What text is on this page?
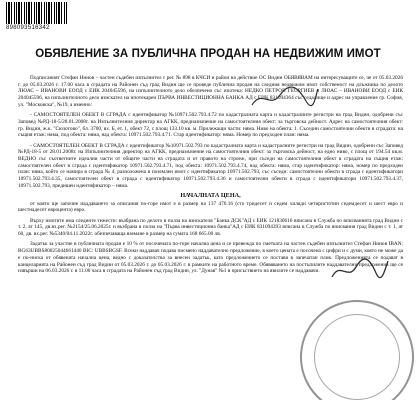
898093516342
ОБЯВЛЕНИЕ ЗА ПУБЛИЧНА ПРОДАН НА НЕДВИЖИМ ИМОТ

Подписаният Стефан Нинов – частен съдебен изпълнител с рег. № 898 в КЧСИ и район на действие ОС Видин ОБЯВЯВАМ на интересуващите се, че от 05.03.2026 г. до 05.03.2026 г. 17.00 часа в сградата на Районен съд град Видин ще се проведе публична продан на следния недвижим имот собственост на длъжника по делото ЛЮАС – ИВАНОВИ ЕООД с ЕИК 204045596, на изпълнителното дело обезпечено със ипотека: НЕДКО ПЕТРОВ ГЕОРГИЕВ и ЛЮАС – ИВАНОВИ ЕООД с ЕИК 204045596, на изпълнителното дело взискател на ипотекарен ПЪРВА ИНВЕСТИЦИОННА БАНКА АД с ЕИК 831094364 със седалище и адрес на управление гр. София, ул. "Московска", №19, а именно:

- САМОСТОЯТЕЛЕН ОБЕКТ В СГРАДА с идентификатор №10971.502.793.4.72 по кадастралната карта и кадастралните регистри на град Видин, одобрени със Заповед №РД-18-5/28.01.2008г. на Изпълнителния директор на АГКК, предназначение на самостоятелния обект: за търговска дейност. Адрес на самостоятелния обект: гр. Видин, ж.к. "Сюзотово", бл. 3700, вх. Б, ет. 1, обект 72, с площ 133.10 кв. м. Прилежащи части: няма. Ниво на обекта: 1. Съседни самостоятелни обекти в сградата: на същия етаж: няма, под обекта: няма, над обекта: 10971.502.793.4.71. Стар идентификатор: няма. Номер по предходен план: няма.

- САМОСТОЯТЕЛЕН ОБЕКТ В СГРАДА с идентификатор №10971.502.793 по кадастралната карта и кадастралните регистри на град Видин, одобрени със Заповед №РД-18-5 от 28.01.2008г. на Изпълнителния директор на АГКК, предназначение на самостоятелния обект: за търговска дейност, на едно ниво, с площ от 194.54 кв.м. ВЕДНО със съответните идеални части от общите части на сградата и от правото на строеж, при съседи на самостоятелния обект в сградата на същия етаж: самостоятелен обект в сграда с идентификатор 10971.502.793.4.71, под обекта: 10971.502.793.4.74, над обекта: няма, стар идентификатор: няма, номер по предходен план: няма, който се намира в сграда № 4, разположена в поземлен имот с идентификатор 10971.502.793, със съседи: самостоятелни обекти в сграда с идентификатори 10971.502.793.4.35, самостоятелен обект в сграда с идентификатор 10971.502.793.4.36 и самостоятелни обекти в сграда с идентификатори 10971.502.793.4.37, 10971.502.793, предишен идентификатор – няма.

НАЧАЛНАТА ЦЕНА,

от която ще започне наддаването за описания по-горе имот е в размер на 137 476.16 (сто тридесет и седем хиляди четиристотин седемдесет и шест евро и шестнадесет евроцента) евро.

Върху имотите има следните тежести: възбрана по делото в полза на взискателя "Банка ДСК"АД с ЕИК 121830616 вписана в Служба по вписванията град Видин с т. 2, ат 145, дв.вх.рег. №2154/25.06.2025г. и възбрана в полза на "Първа инвестиционна банка"АД с ЕИК 831094393 вписана в Служба по вписвания град Видин с т. 1, ат 60, дв. вх.рег. №5340/04.11.2022г. обезпечаваща вземане в размер на сумата 168 665.00 лв.

Задатък за участие в публичната продан е 10 % от посочената по-горе начална цена и се превежда по сметката на частен съдебен изпълнител Стефан Нинов IBAN: BG63UBBS80025044661440 BIC: UBBSBGSF. Всеки наддавач подава писмено наддавателно предложение, в което цената е посочена с цифри и с думи, която не може да е по-ниска от обявената начална цена, ведно с доказателства за внесен задатък, като предложението се поставя в запечатан плик. Предложенията се подават в канцеларията на Районен съд град Видин от 05.03.2026 г. до 05.03.2026 г. в рамките на работното време. Обявяването на постъпилите наддавателни предложения ще се извърши на 06.03.2026 г. в 11.00 часа в сградата на Районен съд град Видин, ул. "Дунав" №1 в присъствието на явилите се наддавачи.
